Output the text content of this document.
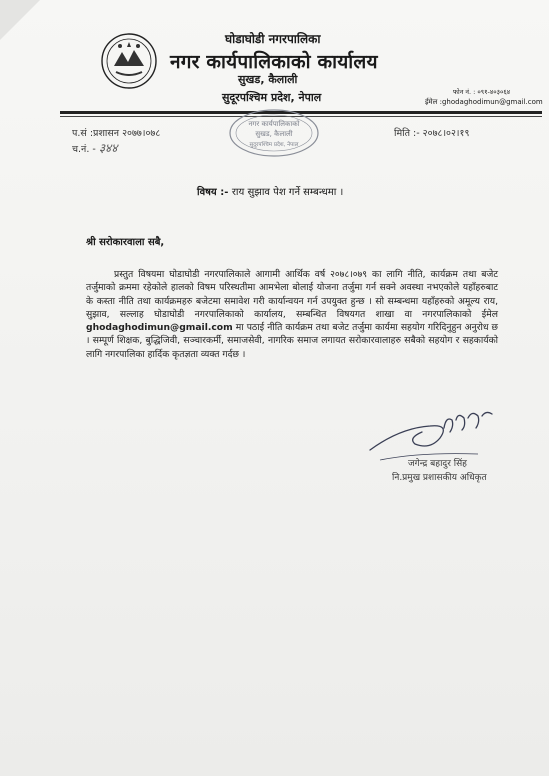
घोडाघोडी नगरपालिका
नगर कार्यपालिकाको कार्यालय
सुखड, कैलाली
सुदूरपश्चिम प्रदेश, नेपाल	फोन नं. : ०९१-४०३०६४
ईमेल :ghodaghodimun@gmail.com
नगर कार्यपालिकाको
सुखड, कैलाली
सुदूरपश्चिम प्रदेश, नेपाल
प.सं :प्रशासन २०७७।०७८
च.नं. - ३४४
मिति :- २०७८।०२।१९
विषय :- राय सुझाव पेश गर्ने सम्बन्धमा ।
श्री सरोकारवाला सबै,
प्रस्तुत विषयमा घोडाघोडी नगरपालिकाले आगामी आर्थिक वर्ष २०७८।०७९ का लागि नीति, कार्यक्रम तथा बजेट तर्जुमाको क्रममा रहेकोले हालको विषम परिस्थतीमा आमभेला बोलाई योजना तर्जुमा गर्न सक्ने अवस्था नभएकोले यहाँहरुबाट के कस्ता नीति तथा कार्यक्रमहरु बजेटमा समावेश गरी कार्यान्वयन गर्न उपयुक्त हुन्छ । सो सम्बन्धमा यहाँहरुको अमूल्य राय, सुझाव, सल्लाह घोडाघोडी नगरपालिकाको कार्यालय, सम्बन्धित विषयगत शाखा वा नगरपालिकाको ईमेल ghodaghodimun@gmail.com मा पठाई नीति कार्यक्रम तथा बजेट तर्जुमा कार्यमा सहयोग गरिदिनुहुन अनुरोध छ । सम्पूर्ण शिक्षक, बुद्धिजिवी, सञ्चारकर्मी, समाजसेवी, नागरिक समाज लगायत सरोकारवालाहरु सबैको सहयोग र सहकार्यको लागि नगरपालिका हार्दिक कृतज्ञता व्यक्त गर्दछ ।
जगेन्द्र बहादुर सिंह
नि.प्रमुख प्रशासकीय अधिकृत
